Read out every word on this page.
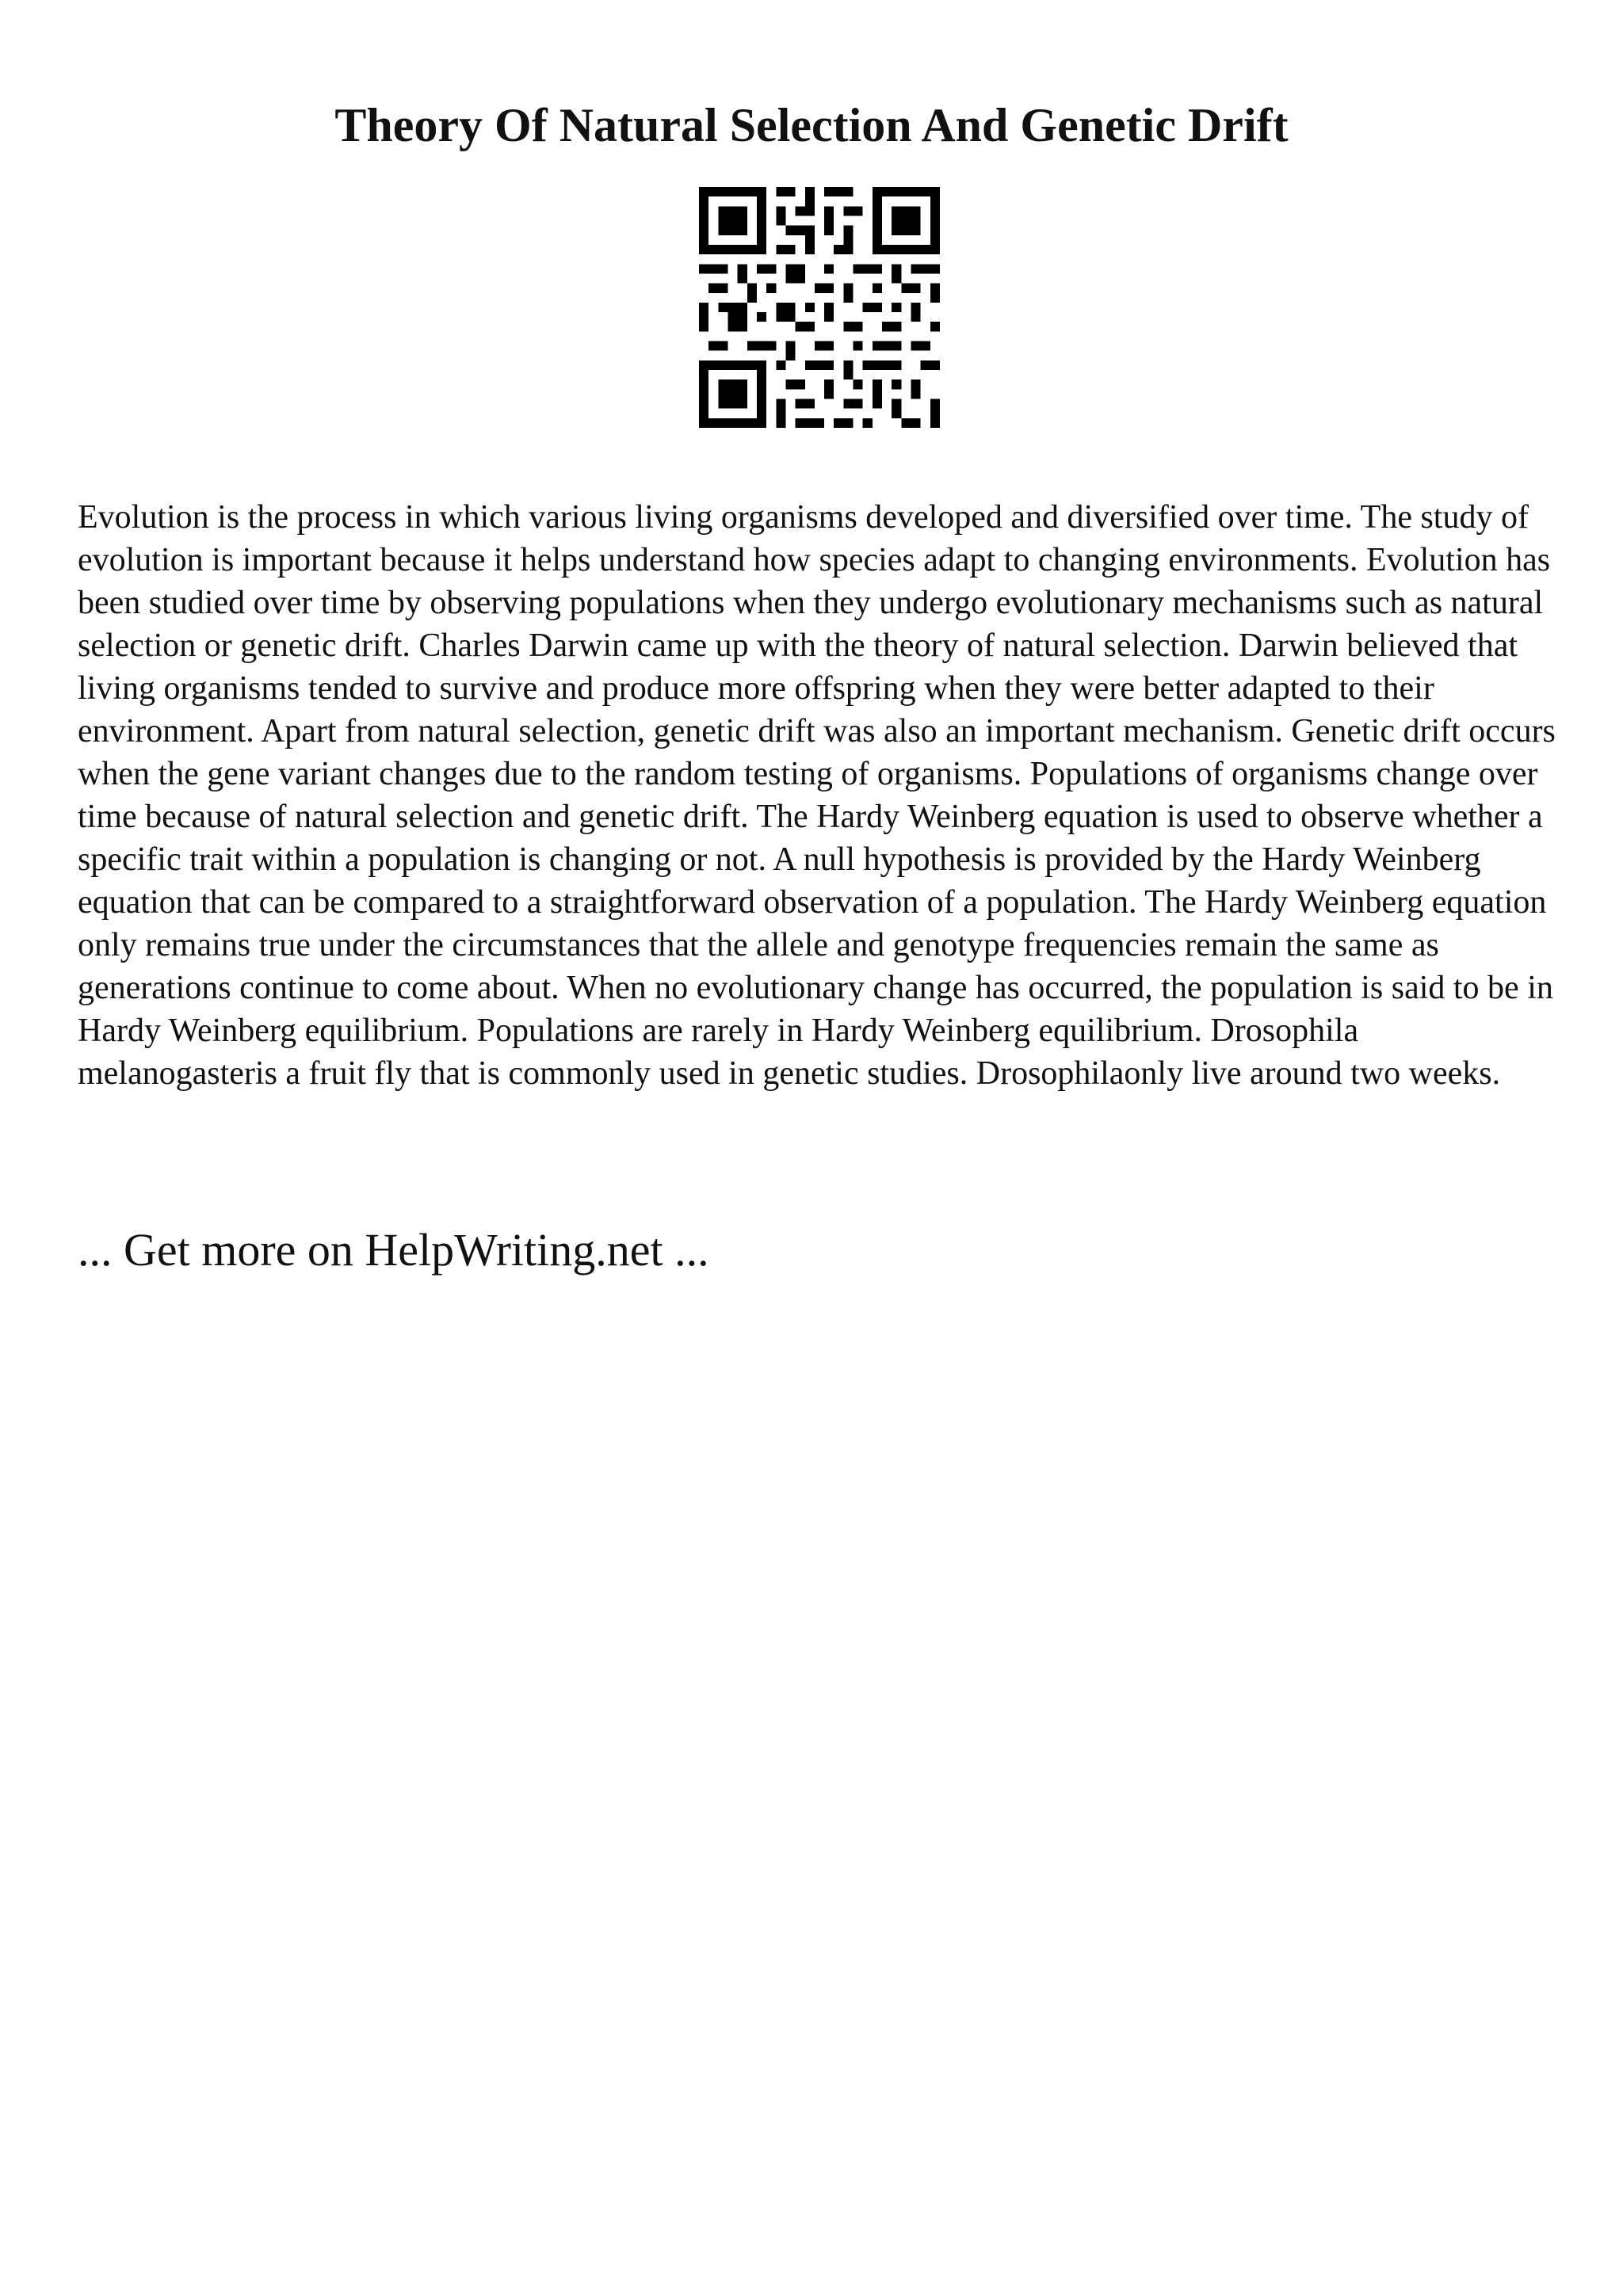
Theory Of Natural Selection And Genetic Drift

Evolution is the process in which various living organisms developed and diversified over time. The study of evolution is important because it helps understand how species adapt to changing environments. Evolution has been studied over time by observing populations when they undergo evolutionary mechanisms such as natural selection or genetic drift. Charles Darwin came up with the theory of natural selection. Darwin believed that living organisms tended to survive and produce more offspring when they were better adapted to their environment. Apart from natural selection, genetic drift was also an important mechanism. Genetic drift occurs when the gene variant changes due to the random testing of organisms. Populations of organisms change over time because of natural selection and genetic drift. The Hardy Weinberg equation is used to observe whether a specific trait within a population is changing or not. A null hypothesis is provided by the Hardy Weinberg equation that can be compared to a straightforward observation of a population. The Hardy Weinberg equation only remains true under the circumstances that the allele and genotype frequencies remain the same as generations continue to come about. When no evolutionary change has occurred, the population is said to be in Hardy Weinberg equilibrium. Populations are rarely in Hardy Weinberg equilibrium. Drosophila melanogasteris a fruit fly that is commonly used in genetic studies. Drosophilaonly live around two weeks.

... Get more on HelpWriting.net ...
